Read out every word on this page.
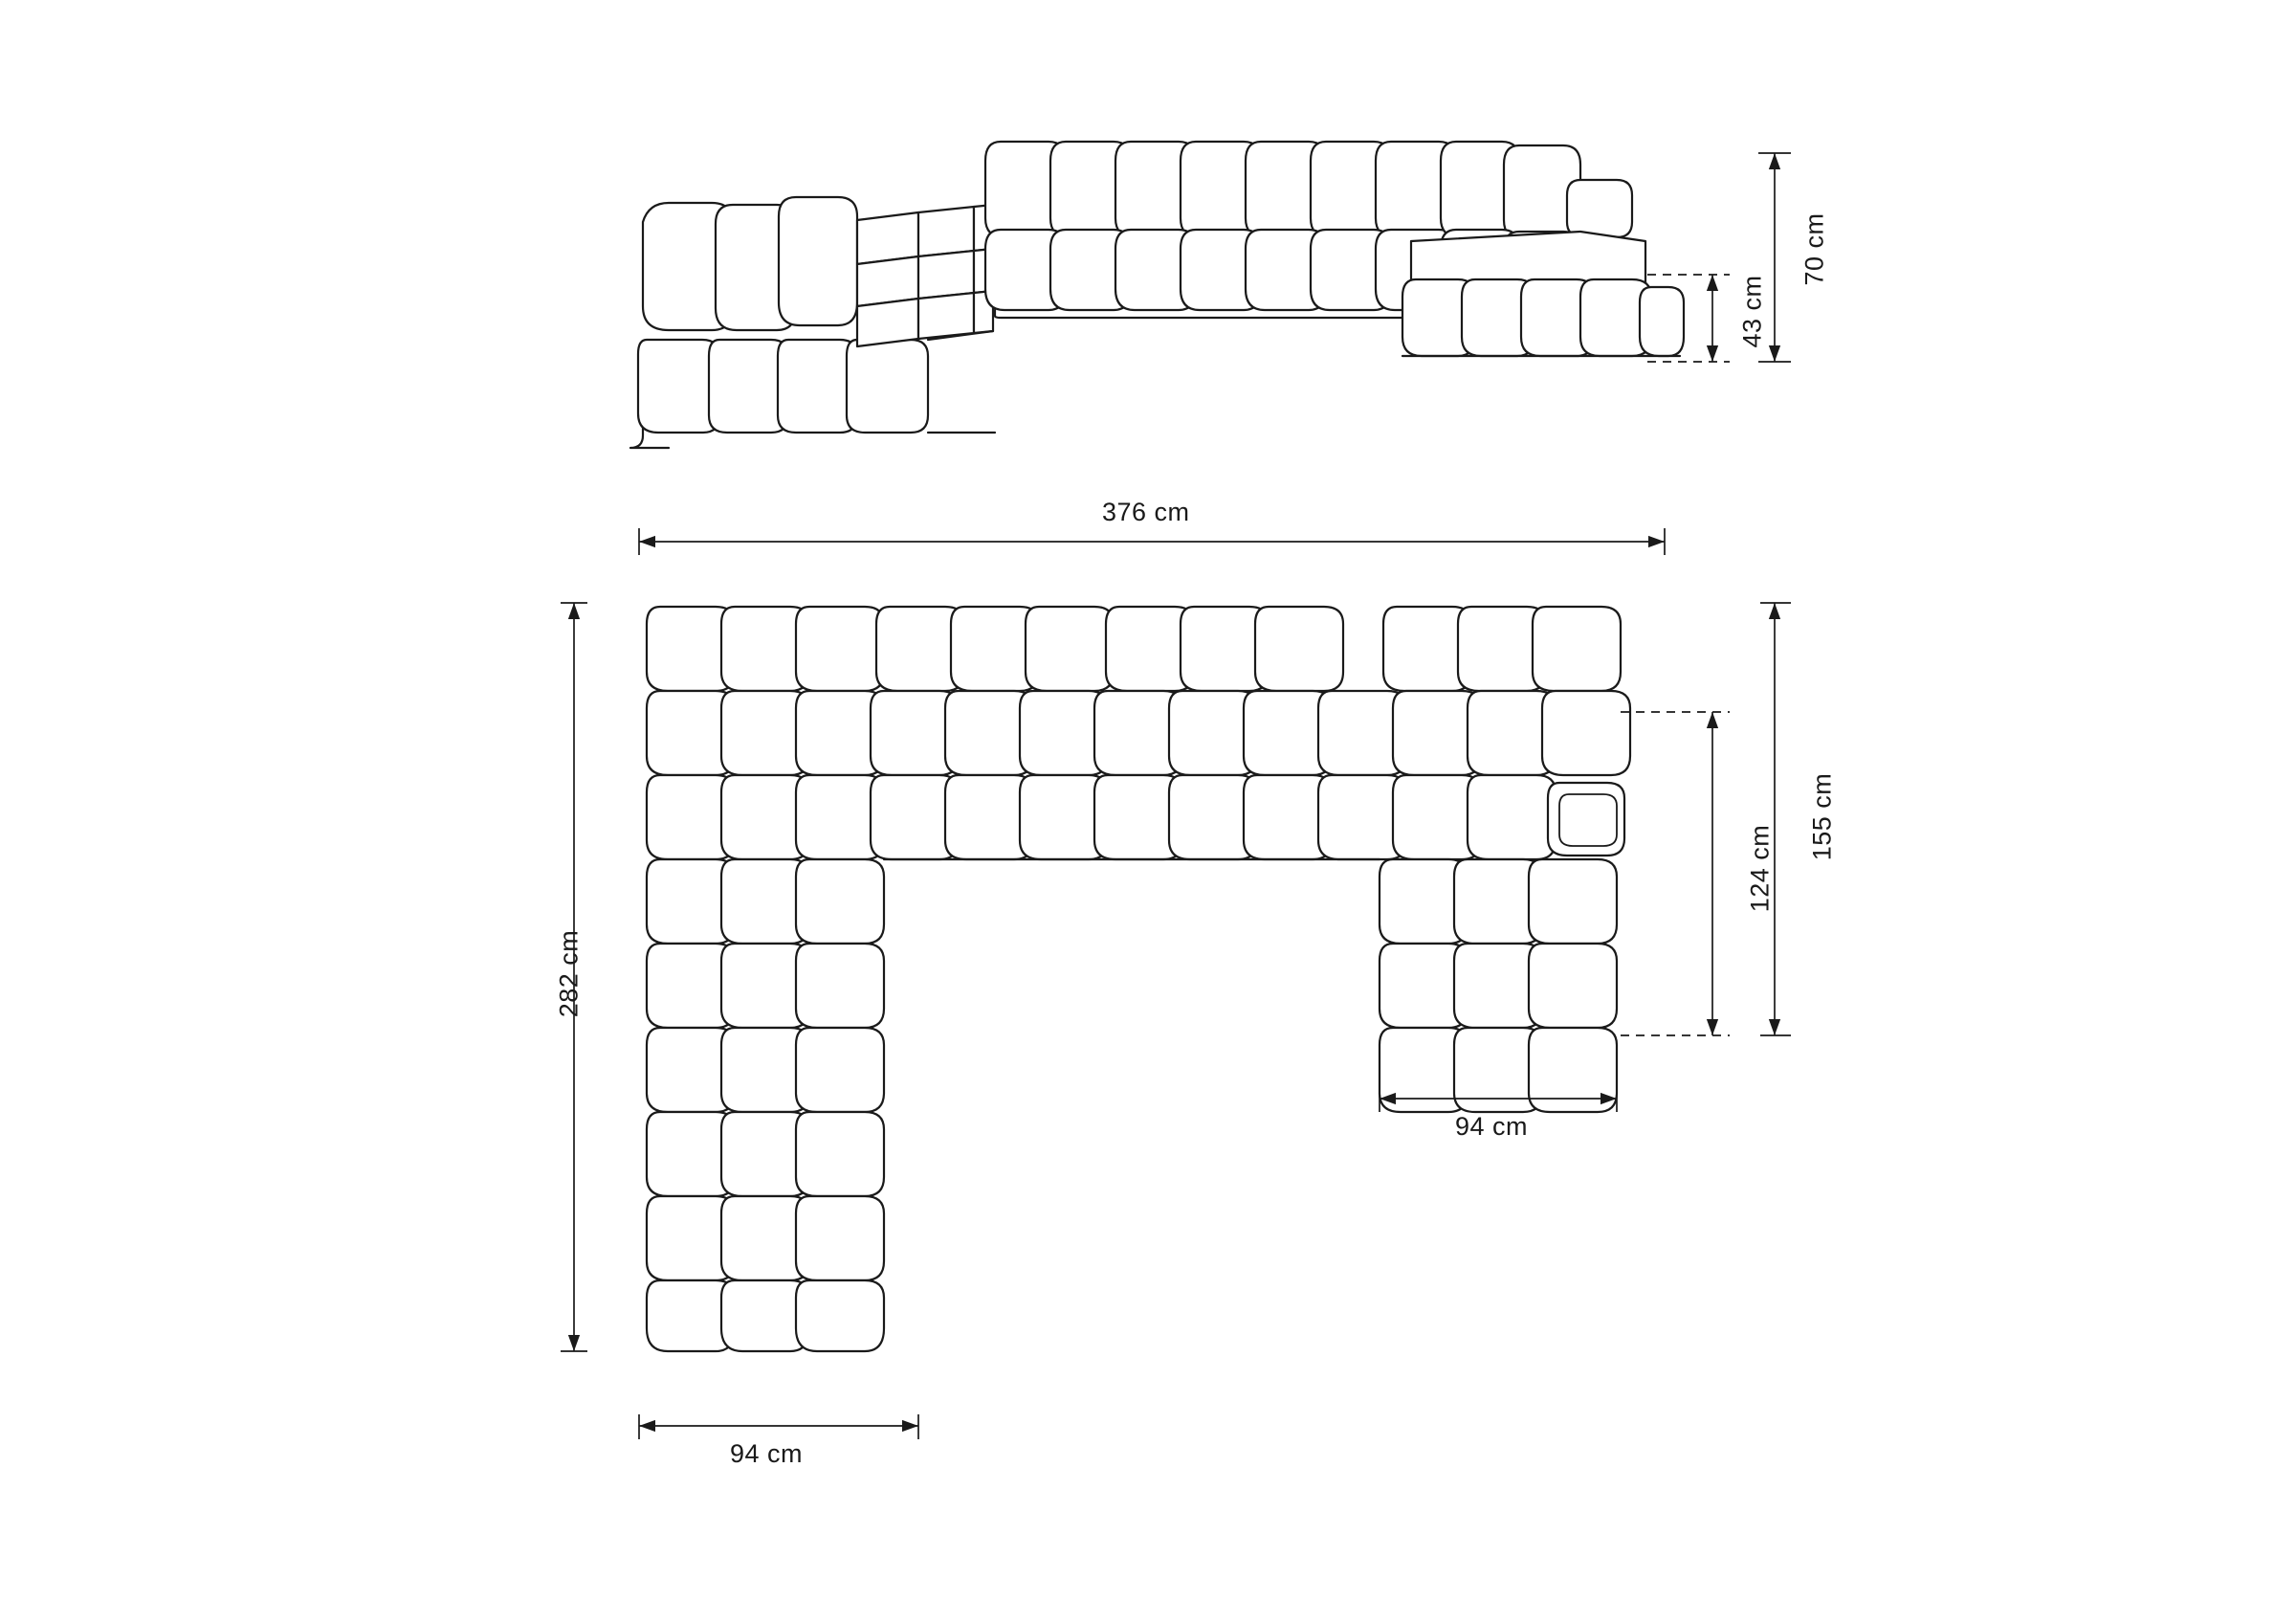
70 cm
43 cm
376 cm
282 cm
155 cm
124 cm
94 cm
94 cm
